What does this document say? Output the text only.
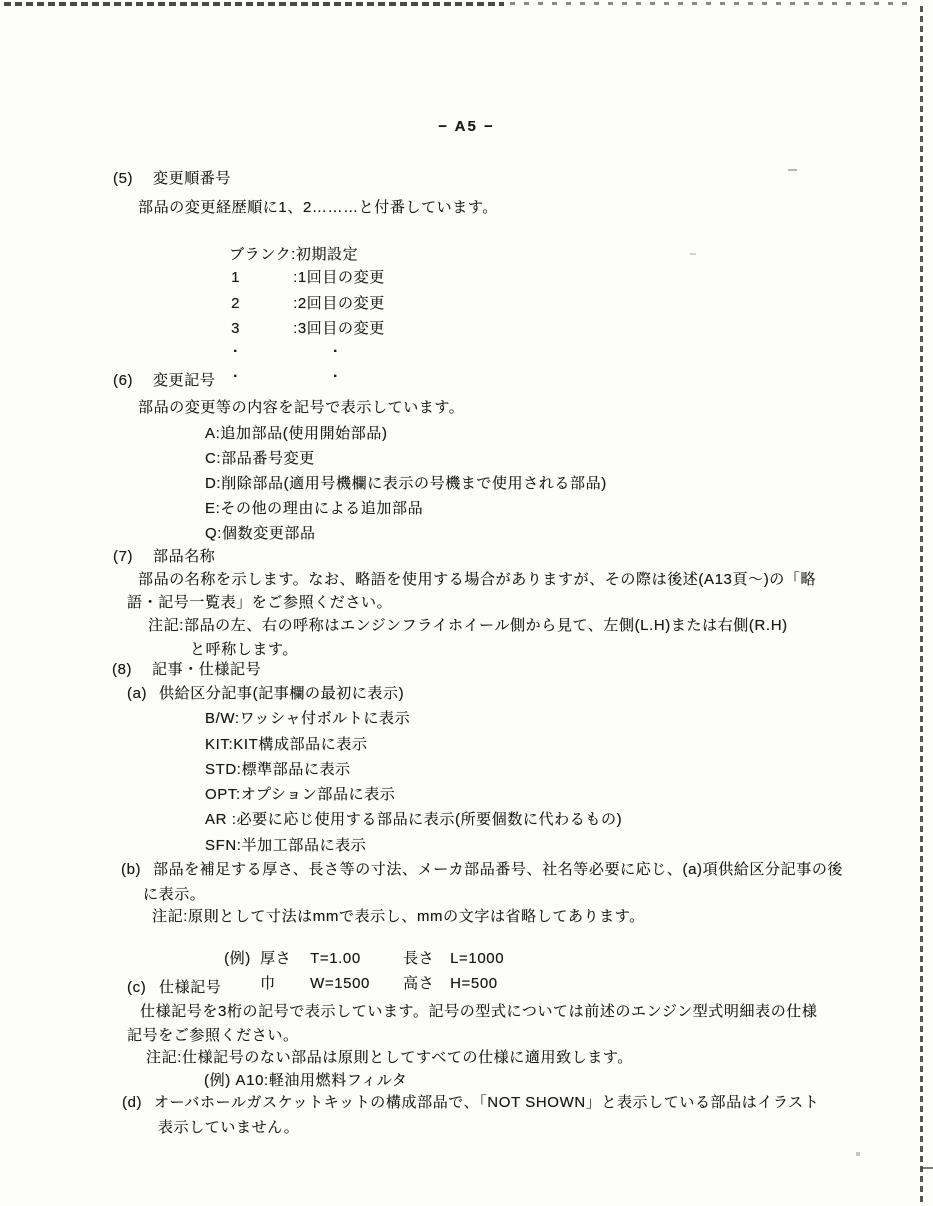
− A5 −
(5)	変更順番号
部品の変更経歴順に1、2………と付番しています。

ブランク:初期設定

1	:1回目の変更

2	:2回目の変更

3	:3回目の変更

·	·

·	·

(6)	変更記号
部品の変更等の内容を記号で表示しています。
A:追加部品(使用開始部品)
C:部品番号変更
D:削除部品(適用号機欄に表示の号機まで使用される部品)
E:その他の理由による追加部品
Q:個数変更部品
(7)	部品名称
部品の名称を示します。なお、略語を使用する場合がありますが、その際は後述(A13頁〜)の「略
語・記号一覧表」をご参照ください。
注記:部品の左、右の呼称はエンジンフライホイール側から見て、左側(L.H)または右側(R.H)
と呼称します。
(8)	記事・仕様記号
(a) 供給区分記事(記事欄の最初に表示)
B/W:ワッシャ付ボルトに表示
KIT:KIT構成部品に表示
STD:標準部品に表示
OPT:オプション部品に表示
AR :必要に応じ使用する部品に表示(所要個数に代わるもの)
SFN:半加工部品に表示
(b) 部品を補足する厚さ、長さ等の寸法、メーカ部品番号、社名等必要に応じ、(a)項供給区分記事の後
に表示。
注記:原則として寸法はmmで表示し、mmの文字は省略してあります。

(例) 厚さ T=1.00	長さ L=1000

巾 W=1500 高さ H=500

(c) 仕様記号
仕様記号を3桁の記号で表示しています。記号の型式については前述のエンジン型式明細表の仕様
記号をご参照ください。
注記:仕様記号のない部品は原則としてすべての仕様に適用致します。
(例) A10:軽油用燃料フィルタ
(d) オーバホールガスケットキットの構成部品で、「NOT SHOWN」と表示している部品はイラスト
表示していません。
